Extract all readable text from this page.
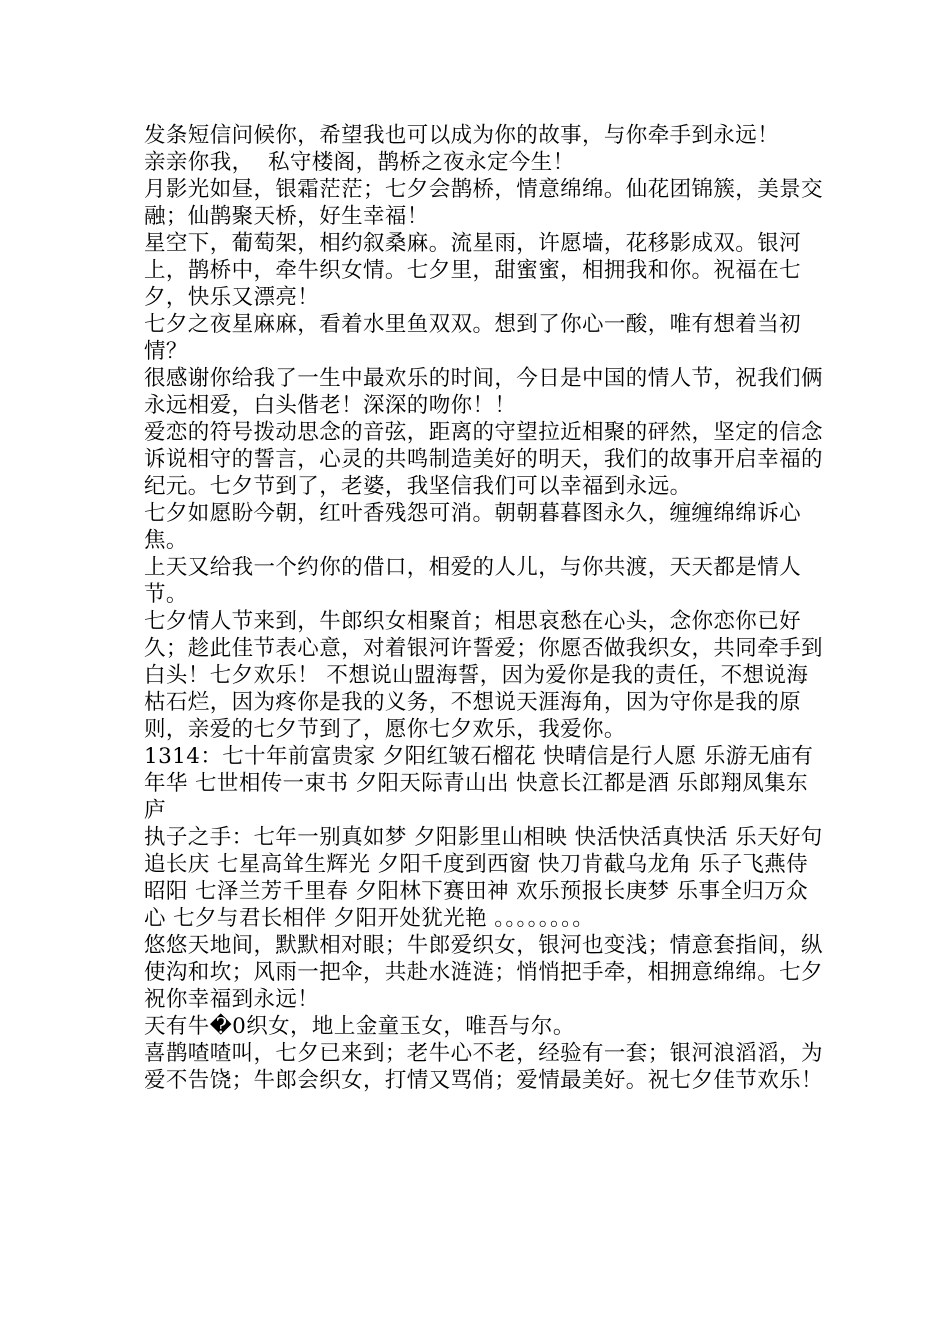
发条短信问候你，希望我也可以成为你的故事，与你牵手到永远！

亲亲你我，  私守楼阁，鹊桥之夜永定今生！

月影光如昼，银霜茫茫；七夕会鹊桥，情意绵绵。仙花团锦簇，美景交融；仙鹊聚天桥，好生幸福！

星空下，葡萄架，相约叙桑麻。流星雨，许愿墙，花移影成双。银河上，鹊桥中，牵牛织女情。七夕里，甜蜜蜜，相拥我和你。祝福在七夕，快乐又漂亮！

七夕之夜星麻麻，看着水里鱼双双。想到了你心一酸，唯有想着当初情？

很感谢你给我了一生中最欢乐的时间，今日是中国的情人节，祝我们俩永远相爱，白头偕老！深深的吻你！！

爱恋的符号拨动思念的音弦，距离的守望拉近相聚的砰然，坚定的信念诉说相守的誓言，心灵的共鸣制造美好的明天，我们的故事开启幸福的纪元。七夕节到了，老婆，我坚信我们可以幸福到永远。

七夕如愿盼今朝，红叶香残怨可消。朝朝暮暮图永久，缠缠绵绵诉心焦。

上天又给我一个约你的借口，相爱的人儿，与你共渡，天天都是情人节。

七夕情人节来到，牛郎织女相聚首；相思哀愁在心头，念你恋你已好久；趁此佳节表心意，对着银河许誓爱；你愿否做我织女，共同牵手到白头！七夕欢乐！ 不想说山盟海誓，因为爱你是我的责任，不想说海枯石烂，因为疼你是我的义务，不想说天涯海角，因为守你是我的原则，亲爱的七夕节到了，愿你七夕欢乐，我爱你。

1314：七十年前富贵家 夕阳红皱石榴花 快晴信是行人愿 乐游无庙有年华 七世相传一束书 夕阳天际青山出 快意长江都是酒 乐郎翔凤集东庐

执子之手：七年一别真如梦 夕阳影里山相映 快活快活真快活 乐天好句追长庆 七星高耸生辉光 夕阳千度到西窗 快刀肯截乌龙角 乐子飞燕侍昭阳 七泽兰芳千里春 夕阳林下赛田神 欢乐预报长庚梦 乐事全归万众心 七夕与君长相伴 夕阳开处犹光艳 。。。。。。。。

悠悠天地间，默默相对眼；牛郎爱织女，银河也变浅；情意套指间，纵使沟和坎；风雨一把伞，共赴水涟涟；悄悄把手牵，相拥意绵绵。七夕祝你幸福到永远！

天有牛�0织女，地上金童玉女，唯吾与尔。

喜鹊喳喳叫，七夕已来到；老牛心不老，经验有一套；银河浪滔滔，为爱不告饶；牛郎会织女，打情又骂俏；爱情最美好。祝七夕佳节欢乐！
